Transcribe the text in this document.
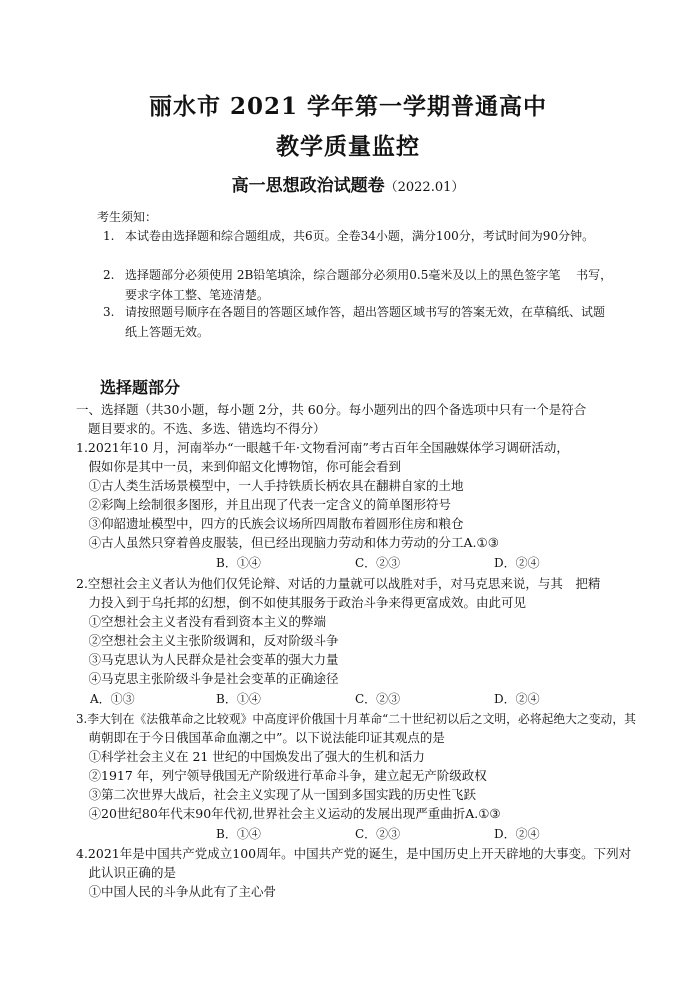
丽水市 2021 学年第一学期普通高中
教学质量监控
高一思想政治试题卷（2022.01）
考生须知：
1. 本试卷由选择题和综合题组成，共6页。全卷34小题，满分100分，考试时间为90分钟。
2. 选择题部分必须使用 2B铅笔填涂，综合题部分必须用0.5毫米及以上的黑色签字笔　 书写，要求字体工整、笔迹清楚。
3. 请按照题号顺序在各题目的答题区域作答，超出答题区域书写的答案无效，在草稿纸、试题纸上答题无效。
选择题部分
一、选择题（共30小题，每小题 2分，共 60分。每小题列出的四个备选项中只有一个是符合
题目要求的。不选、多选、错选均不得分）
1.2021年10 月，河南举办“一眼越千年·文物看河南”考古百年全国融媒体学习调研活动，
　假如你是其中一员，来到仰韶文化博物馆，你可能会看到
　①古人类生活场景模型中，一人手持铁质长柄农具在翻耕自家的土地
　②彩陶上绘制很多图形，并且出现了代表一定含义的简单图形符号
　③仰韶遗址模型中，四方的氏族会议场所四周散布着圆形住房和粮仓
　④古人虽然只穿着兽皮服装，但已经出现脑力劳动和体力劳动的分工A.①③
B．①④	C．②③	D．②④
2.空想社会主义者认为他们仅凭论辩、对话的力量就可以战胜对手，对马克思来说，与其　把精
　力投入到于乌托邦的幻想，倒不如使其服务于政治斗争来得更富成效。由此可见
　①空想社会主义者没有看到资本主义的弊端
　②空想社会主义主张阶级调和，反对阶级斗争
　③马克思认为人民群众是社会变革的强大力量
　④马克思主张阶级斗争是社会变革的正确途径
A．①③	B．①④	C．②③	D．②④
3.李大钊在《法俄革命之比较观》中高度评价俄国十月革命“二十世纪初以后之文明，必将起绝大之变动，其
　萌朝即在于今日俄国革命血潮之中”。以下说法能印证其观点的是
　①科学社会主义在 21 世纪的中国焕发出了强大的生机和活力
　②1917 年，列宁领导俄国无产阶级进行革命斗争，建立起无产阶级政权
　③第二次世界大战后，社会主义实现了从一国到多国实践的历史性飞跃
　④20世纪80年代末90年代初,世界社会主义运动的发展出现严重曲折A.①③
B．①④	C．②③	D．②④
4.2021年是中国共产党成立100周年。中国共产党的诞生，是中国历史上开天辟地的大事变。下列对
　此认识正确的是
　①中国人民的斗争从此有了主心骨
